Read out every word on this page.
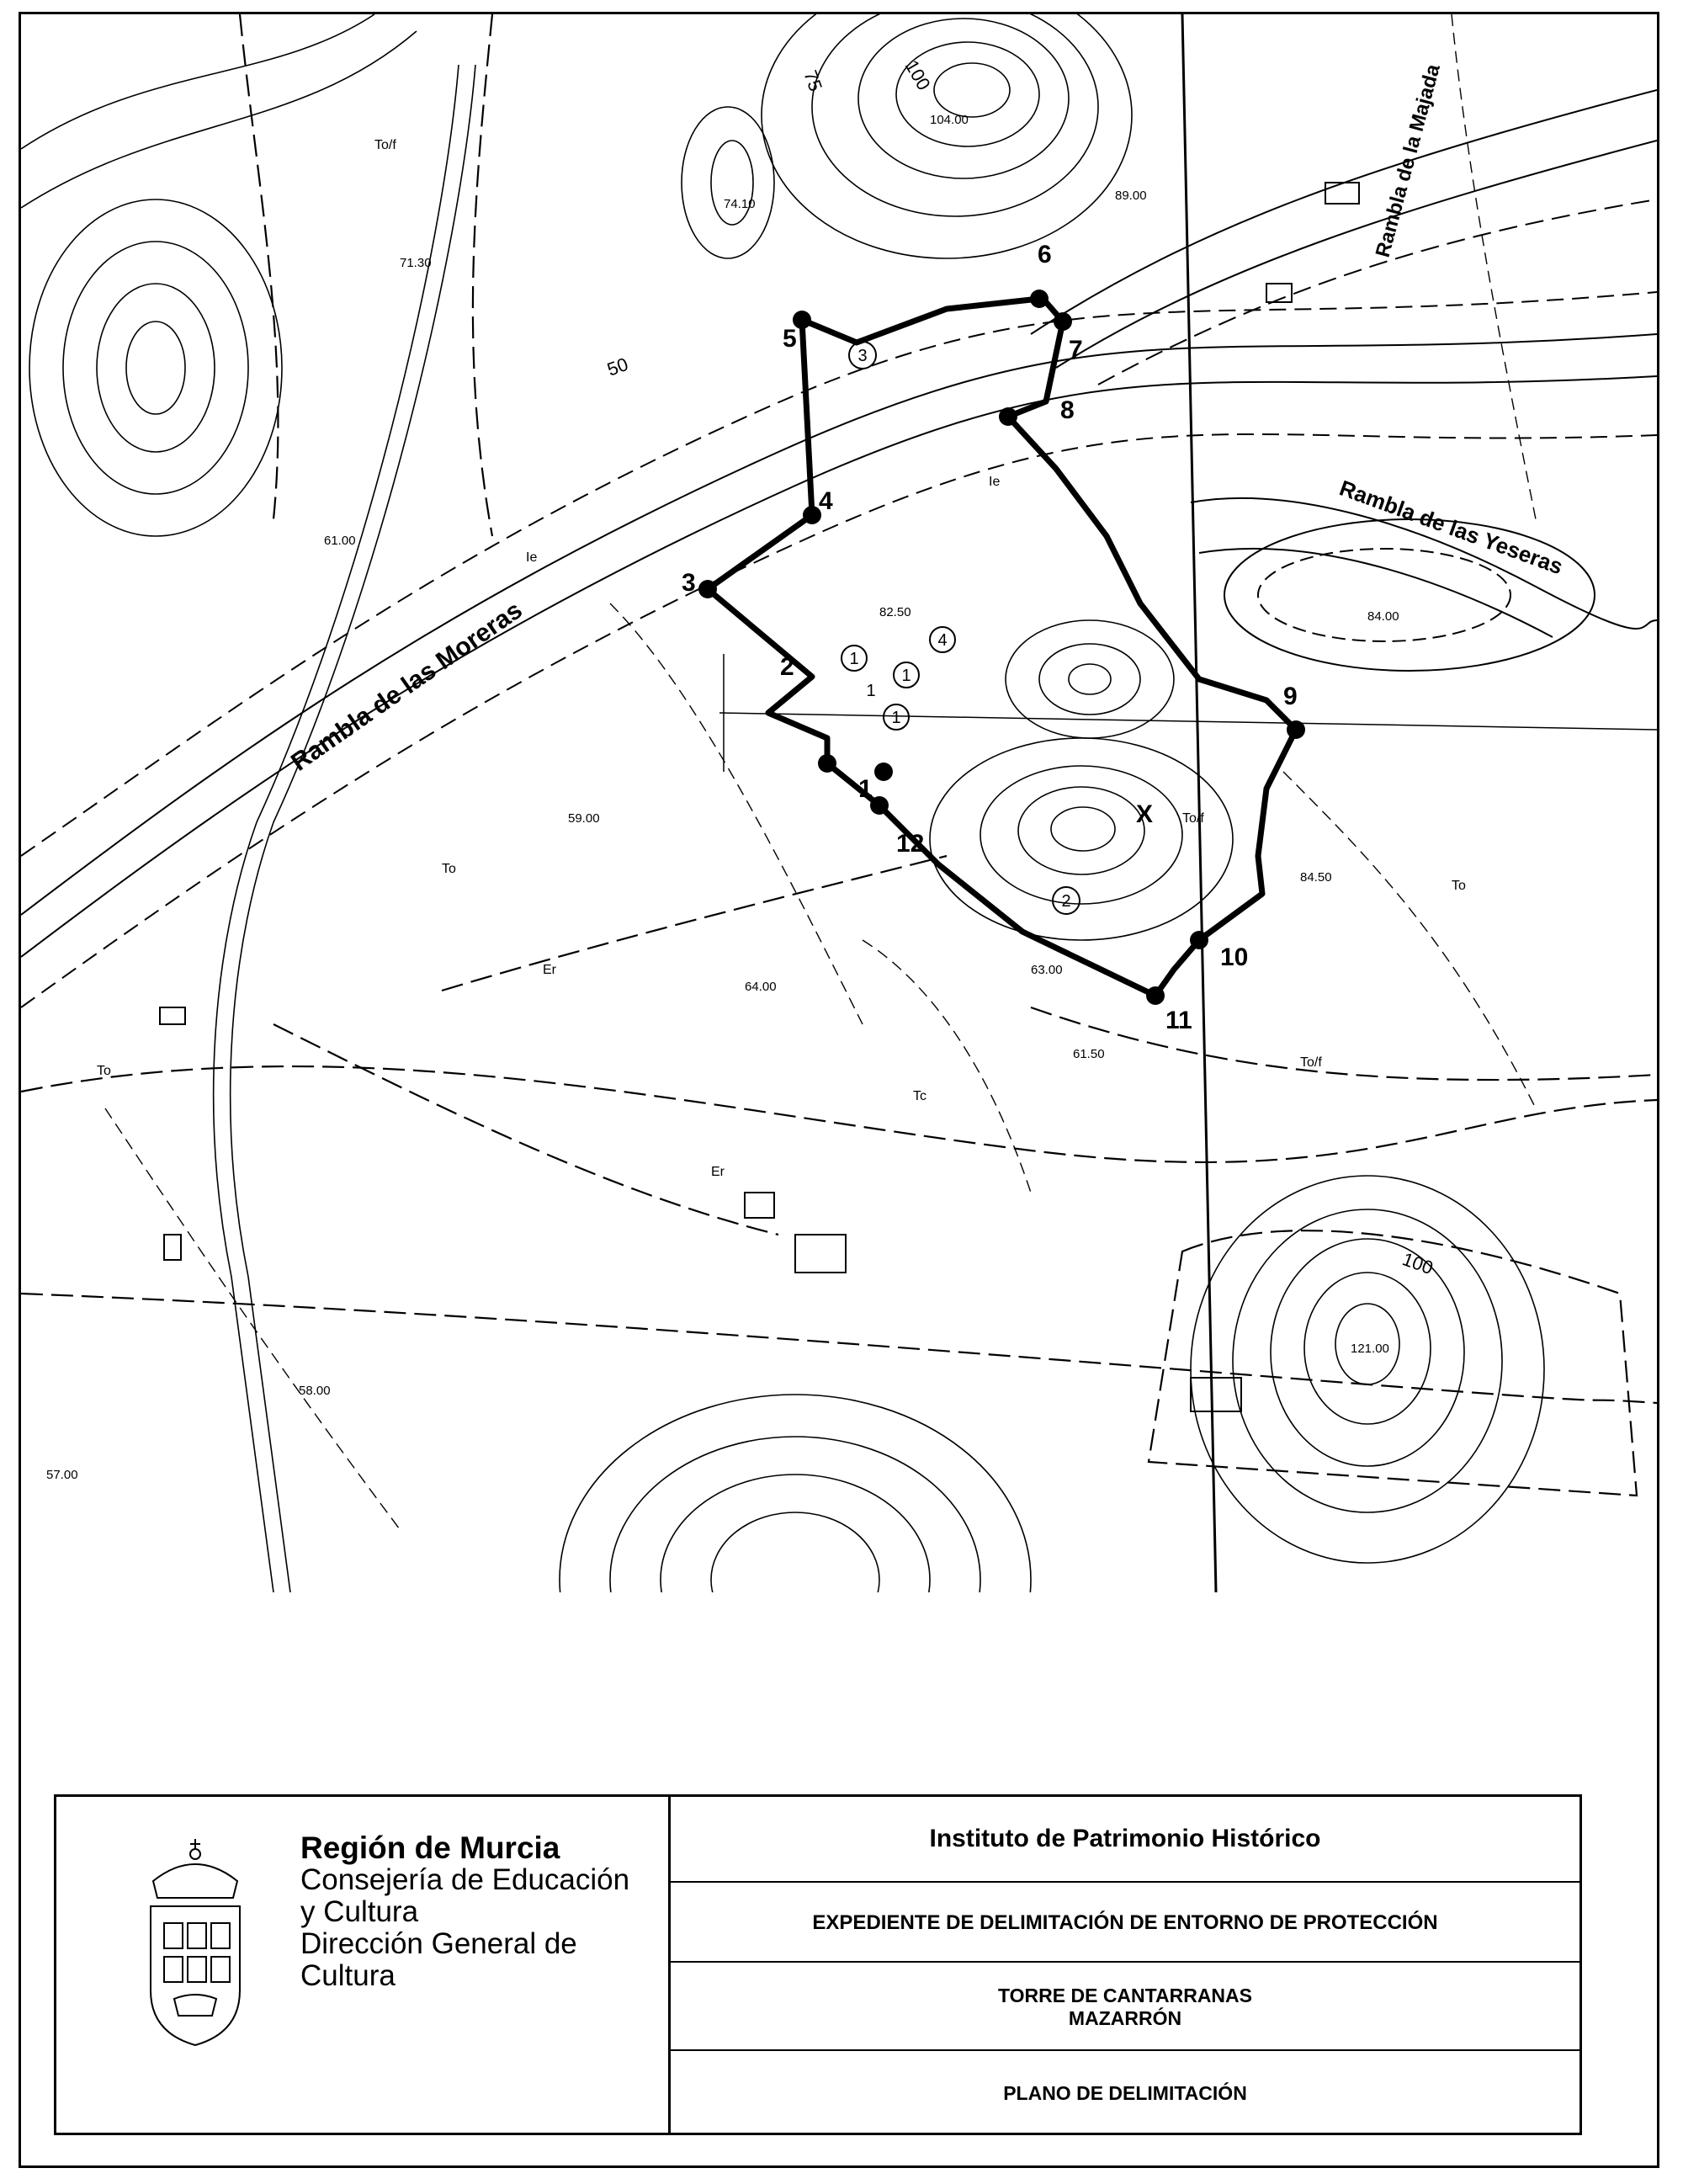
3
4
1
1
1
1
2
X
1
2
3
4
5
6
7
8
9
10
11
12
Rambla de las Moreras
Rambla de las Yeseras
Rambla de la Majada
100
75
50
100
To
To
To
To/f
To/f
To/f
Ie
Ie
Er
Er
Tc
82.50
84.50
84.00
64.00
63.00
61.50
58.00
57.00
61.00
89.00
104.00
121.00
74.10
71.30
59.00
Región de Murcia
Consejería de Educación
y Cultura
Dirección General de Cultura
Instituto de Patrimonio Histórico
EXPEDIENTE DE DELIMITACIÓN DE ENTORNO DE PROTECCIÓN
TORRE DE CANTARRANAS
MAZARRÓN
PLANO DE DELIMITACIÓN
